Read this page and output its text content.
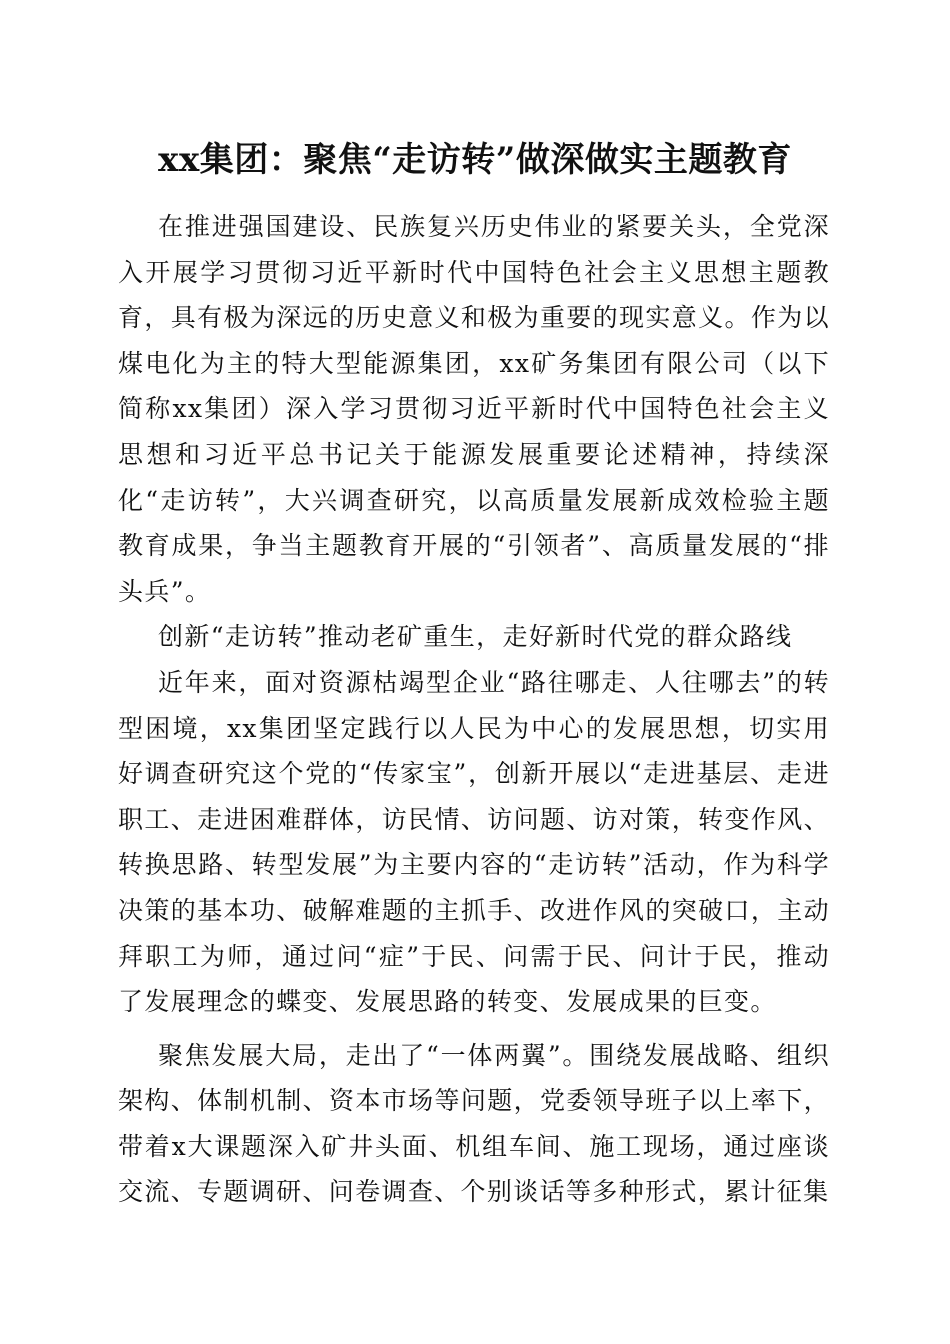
xx集团：聚焦“走访转”做深做实主题教育

在推进强国建设、民族复兴历史伟业的紧要关头，全党深入开展学习贯彻习近平新时代中国特色社会主义思想主题教育，具有极为深远的历史意义和极为重要的现实意义。作为以煤电化为主的特大型能源集团，xx矿务集团有限公司（以下简称xx集团）深入学习贯彻习近平新时代中国特色社会主义思想和习近平总书记关于能源发展重要论述精神，持续深化“走访转”，大兴调查研究，以高质量发展新成效检验主题教育成果，争当主题教育开展的“引领者”、高质量发展的“排头兵”。

创新“走访转”推动老矿重生，走好新时代党的群众路线

近年来，面对资源枯竭型企业“路往哪走、人往哪去”的转型困境，xx集团坚定践行以人民为中心的发展思想，切实用好调查研究这个党的“传家宝”，创新开展以“走进基层、走进职工、走进困难群体，访民情、访问题、访对策，转变作风、转换思路、转型发展”为主要内容的“走访转”活动，作为科学决策的基本功、破解难题的主抓手、改进作风的突破口，主动拜职工为师，通过问“症”于民、问需于民、问计于民，推动了发展理念的蝶变、发展思路的转变、发展成果的巨变。

聚焦发展大局，走出了“一体两翼”。围绕发展战略、组织架构、体制机制、资本市场等问题，党委领导班子以上率下，带着x大课题深入矿井头面、机组车间、施工现场，通过座谈交流、专题调研、问卷调查、个别谈话等多种形式，累计征集
